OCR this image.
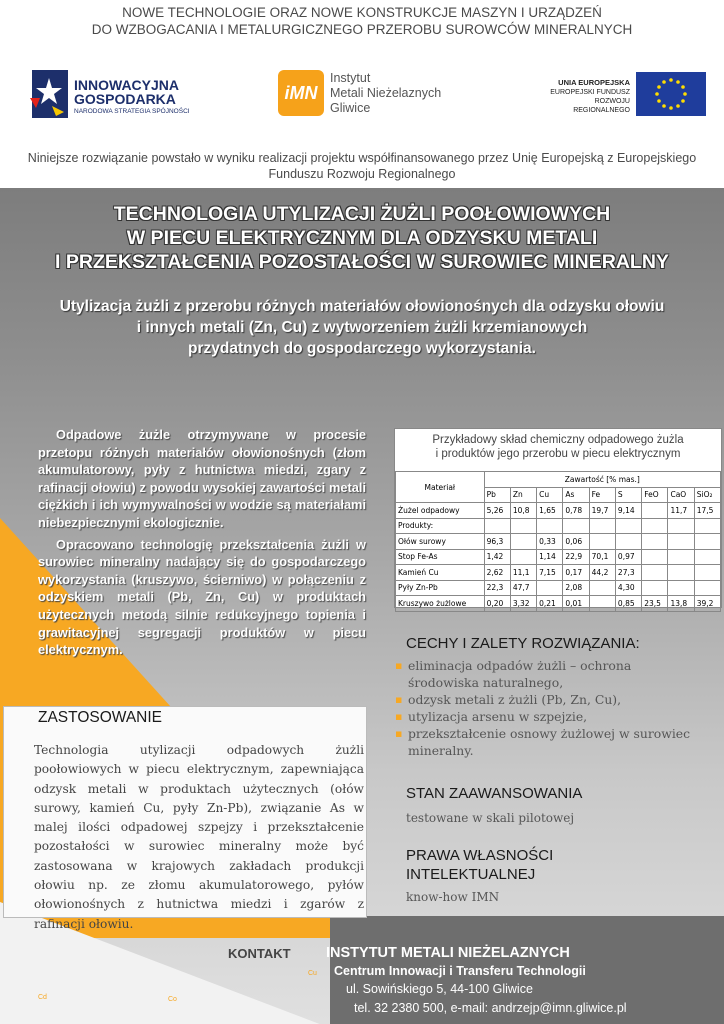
NOWE TECHNOLOGIE ORAZ NOWE KONSTRUKCJE MASZYN I URZĄDZEŃ
DO WZBOGACANIA I METALURGICZNEGO PRZEROBU SUROWCÓW MINERALNYCH
INNOWACYJNA
GOSPODARKA
NARODOWA STRATEGIA SPÓJNOŚCI
iMN
Instytut
Metali Nieżelaznych
Gliwice
UNIA EUROPEJSKA
EUROPEJSKI FUNDUSZ
ROZWOJU REGIONALNEGO
Niniejsze rozwiązanie powstało w wyniku realizacji projektu współfinansowanego przez Unię Europejską z Europejskiego
Funduszu Rozwoju Regionalnego
Cu
Cd	Co
TECHNOLOGIA UTYLIZACJI ŻUŻLI POOŁOWIOWYCH
W PIECU ELEKTRYCZNYM DLA ODZYSKU METALI
I PRZEKSZTAŁCENIA POZOSTAŁOŚCI W SUROWIEC MINERALNY
Utylizacja żużli z przerobu różnych materiałów ołowionośnych dla odzysku ołowiu
i innych metali (Zn, Cu) z wytworzeniem żużli krzemianowych
przydatnych do gospodarczego wykorzystania.

Odpadowe żużle otrzymywane w procesie przetopu różnych materiałów ołowionośnych (złom akumulatorowy, pyły z hutnictwa miedzi, zgary z rafinacji ołowiu) z powodu wysokiej zawartości metali ciężkich i ich wymywalności w wodzie są materiałami niebezpiecznymi ekologicznie.

Opracowano technologię przekształcenia żużli w surowiec mineralny nadający się do gospodarczego wykorzystania (kruszywo, ścierniwo) w połączeniu z odzyskiem metali (Pb, Zn, Cu) w produktach użytecznych metodą silnie redukcyjnego topienia i grawitacyjnej segregacji produktów w piecu elektrycznym.

Przykładowy skład chemiczny odpadowego żużla
i produktów jego przerobu w piecu elektrycznym
Materiał	Zawartość [% mas.]								
	Pb	Zn	Cu	As	Fe	S	FeO	CaO	SiO₂
Żużel odpadowy	5,26	10,8	1,65	0,78	19,7	9,14		11,7	17,5
Produkty:									
Ołów surowy	96,3		0,33	0,06					
Stop Fe-As	1,42		1,14	22,9	70,1	0,97			
Kamień Cu	2,62	11,1	7,15	0,17	44,2	27,3			
Pyły Zn-Pb	22,3	47,7		2,08		4,30			
Kruszywo żużlowe	0,20	3,32	0,21	0,01		0,85	23,5	13,8	39,2
CECHY I ZALETY ROZWIĄZANIA:
▪ eliminacja odpadów żużli – ochrona
środowiska naturalnego,
▪ odzysk metali z żużli (Pb, Zn, Cu),
▪ utylizacja arsenu w szpejzie,
▪ przekształcenie osnowy żużlowej w surowiec
mineralny.
STAN ZAAWANSOWANIA
testowane w skali pilotowej
PRAWA WŁASNOŚCI
INTELEKTUALNEJ
know-how IMN
ZASTOSOWANIE
Technologia utylizacji odpadowych żużli poołowiowych w piecu elektrycznym, zapewniająca odzysk metali w produktach użytecznych (ołów surowy, kamień Cu, pyły Zn-Pb), związanie As w malej ilości odpadowej szpejzy i przekształcenie pozostałości w surowiec mineralny może być zastosowana w krajowych zakładach produkcji ołowiu np. ze złomu akumulatorowego, pyłów ołowionośnych z hutnictwa miedzi i zgarów z rafinacji ołowiu.
KONTAKT INSTYTUT METALI NIEŻELAZNYCH
Centrum Innowacji i Transferu Technologii
ul. Sowińskiego 5, 44-100 Gliwice
tel. 32 2380 500, e-mail: andrzejp@imn.gliwice.pl
